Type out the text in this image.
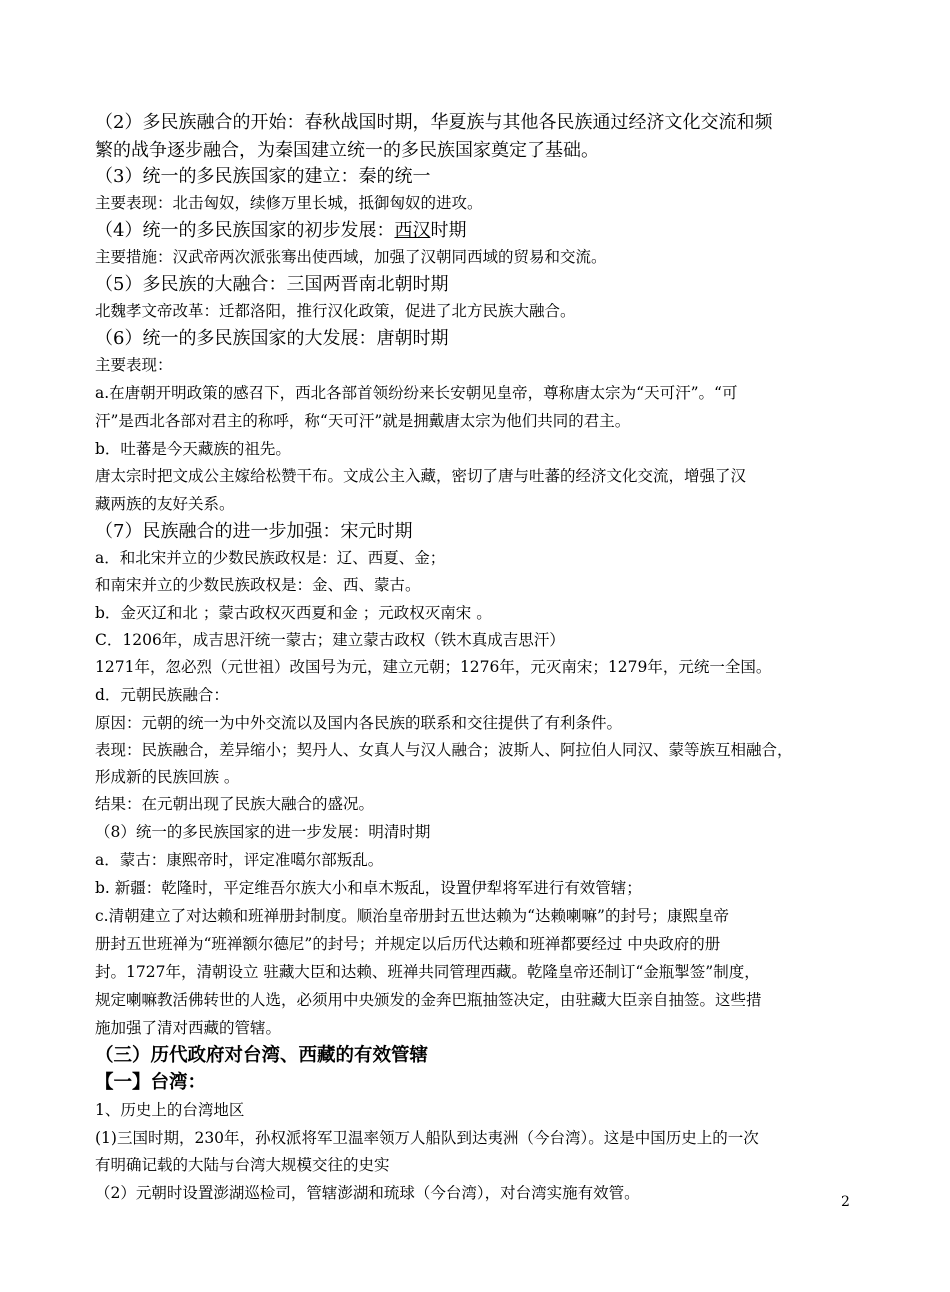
（2）多民族融合的开始：春秋战国时期，华夏族与其他各民族通过经济文化交流和频
繁的战争逐步融合，为秦国建立统一的多民族国家奠定了基础。
（3）统一的多民族国家的建立：秦的统一
主要表现：北击匈奴，续修万里长城，抵御匈奴的进攻。
（4）统一的多民族国家的初步发展：西汉时期
主要措施：汉武帝两次派张骞出使西域，加强了汉朝同西域的贸易和交流。
（5）多民族的大融合：三国两晋南北朝时期
北魏孝文帝改革：迁都洛阳，推行汉化政策，促进了北方民族大融合。
（6）统一的多民族国家的大发展：唐朝时期
主要表现：
a.在唐朝开明政策的感召下，西北各部首领纷纷来长安朝见皇帝，尊称唐太宗为“天可汗”。“可
汗”是西北各部对君主的称呼，称“天可汗”就是拥戴唐太宗为他们共同的君主。
b．吐蕃是今天藏族的祖先。
唐太宗时把文成公主嫁给松赞干布。文成公主入藏，密切了唐与吐蕃的经济文化交流，增强了汉
藏两族的友好关系。
（7）民族融合的进一步加强：宋元时期
a．和北宋并立的少数民族政权是：辽、西夏、金；
和南宋并立的少数民族政权是：金、西、蒙古。
b．金灭辽和北 ；蒙古政权灭西夏和金 ；元政权灭南宋 。
C．1206年，成吉思汗统一蒙古；建立蒙古政权（铁木真成吉思汗）
1271年，忽必烈（元世祖）改国号为元，建立元朝；1276年，元灭南宋；1279年，元统一全国。
d．元朝民族融合：
原因：元朝的统一为中外交流以及国内各民族的联系和交往提供了有利条件。
表现：民族融合，差异缩小；契丹人、女真人与汉人融合；波斯人、阿拉伯人同汉、蒙等族互相融合，
形成新的民族回族 。
结果：在元朝出现了民族大融合的盛况。
（8）统一的多民族国家的进一步发展：明清时期
a．蒙古：康熙帝时，评定准噶尔部叛乱。
b. 新疆：乾隆时，平定维吾尔族大小和卓木叛乱，设置伊犁将军进行有效管辖；
c.清朝建立了对达赖和班禅册封制度。顺治皇帝册封五世达赖为“达赖喇嘛”的封号；康熙皇帝
册封五世班禅为“班禅额尔德尼”的封号；并规定以后历代达赖和班禅都要经过 中央政府的册
封。1727年，清朝设立 驻藏大臣和达赖、班禅共同管理西藏。乾隆皇帝还制订“金瓶掣签”制度，
规定喇嘛教活佛转世的人选，必须用中央颁发的金奔巴瓶抽签决定，由驻藏大臣亲自抽签。这些措
施加强了清对西藏的管辖。
（三）历代政府对台湾、西藏的有效管辖
【一】台湾：
1、历史上的台湾地区
(1)三国时期，230年，孙权派将军卫温率领万人船队到达夷洲（今台湾）。这是中国历史上的一次
有明确记载的大陆与台湾大规模交往的史实
（2）元朝时设置澎湖巡检司，管辖澎湖和琉球（今台湾），对台湾实施有效管。	2
